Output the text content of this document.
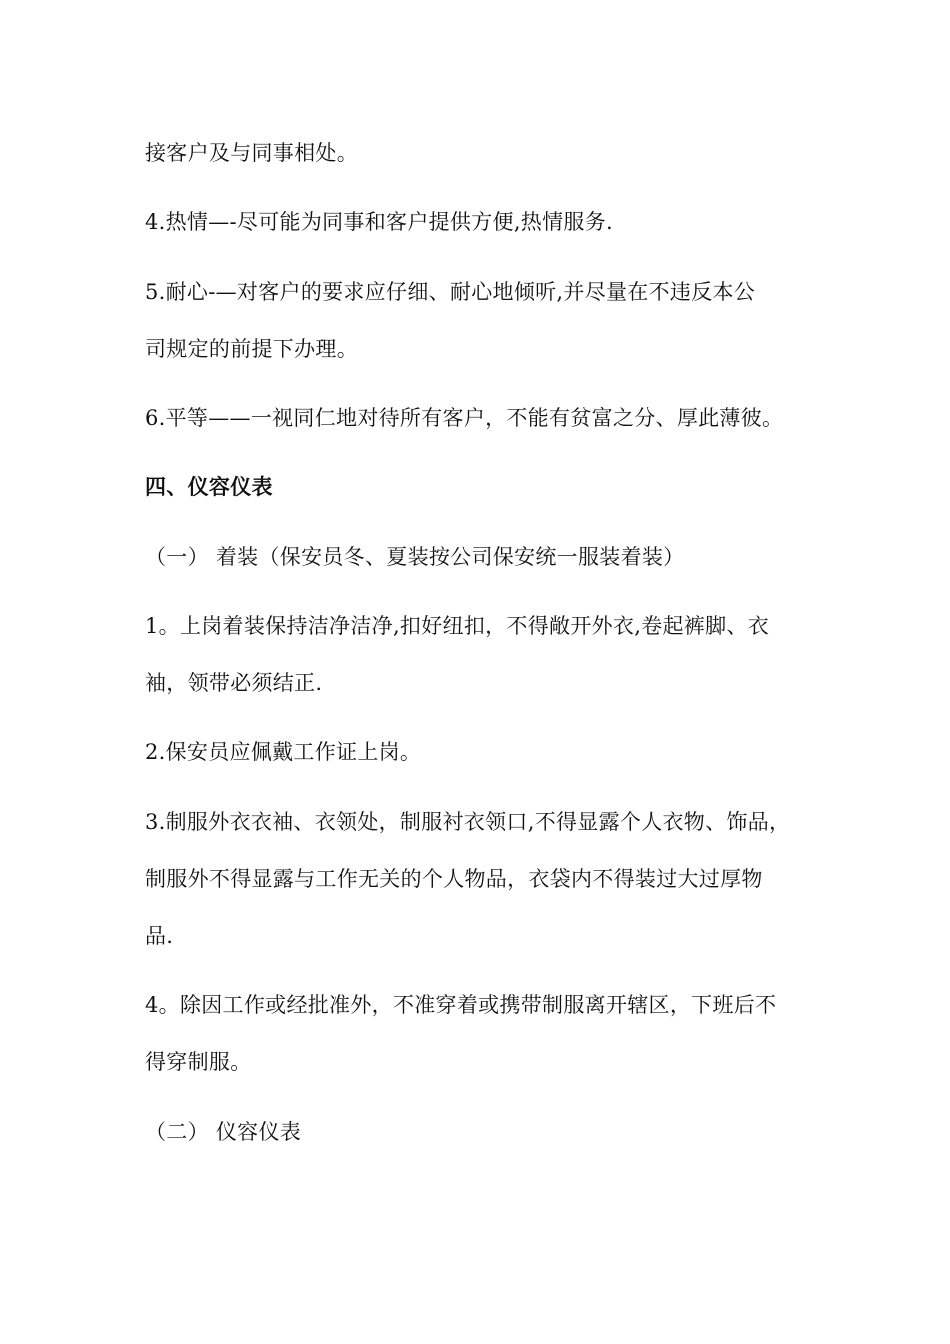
接客户及与同事相处。
4.热情—-尽可能为同事和客户提供方便,热情服务.
5.耐心-—对客户的要求应仔细、耐心地倾听,并尽量在不违反本公
司规定的前提下办理。
6.平等——一视同仁地对待所有客户，不能有贫富之分、厚此薄彼。
四、仪容仪表
（一） 着装（保安员冬、夏装按公司保安统一服装着装）
1。上岗着装保持洁净洁净,扣好纽扣，不得敞开外衣,卷起裤脚、衣
袖，领带必须结正.
2.保安员应佩戴工作证上岗。
3.制服外衣衣袖、衣领处，制服衬衣领口,不得显露个人衣物、饰品，
制服外不得显露与工作无关的个人物品，衣袋内不得装过大过厚物
品.
4。除因工作或经批准外，不准穿着或携带制服离开辖区，下班后不
得穿制服。
（二） 仪容仪表
